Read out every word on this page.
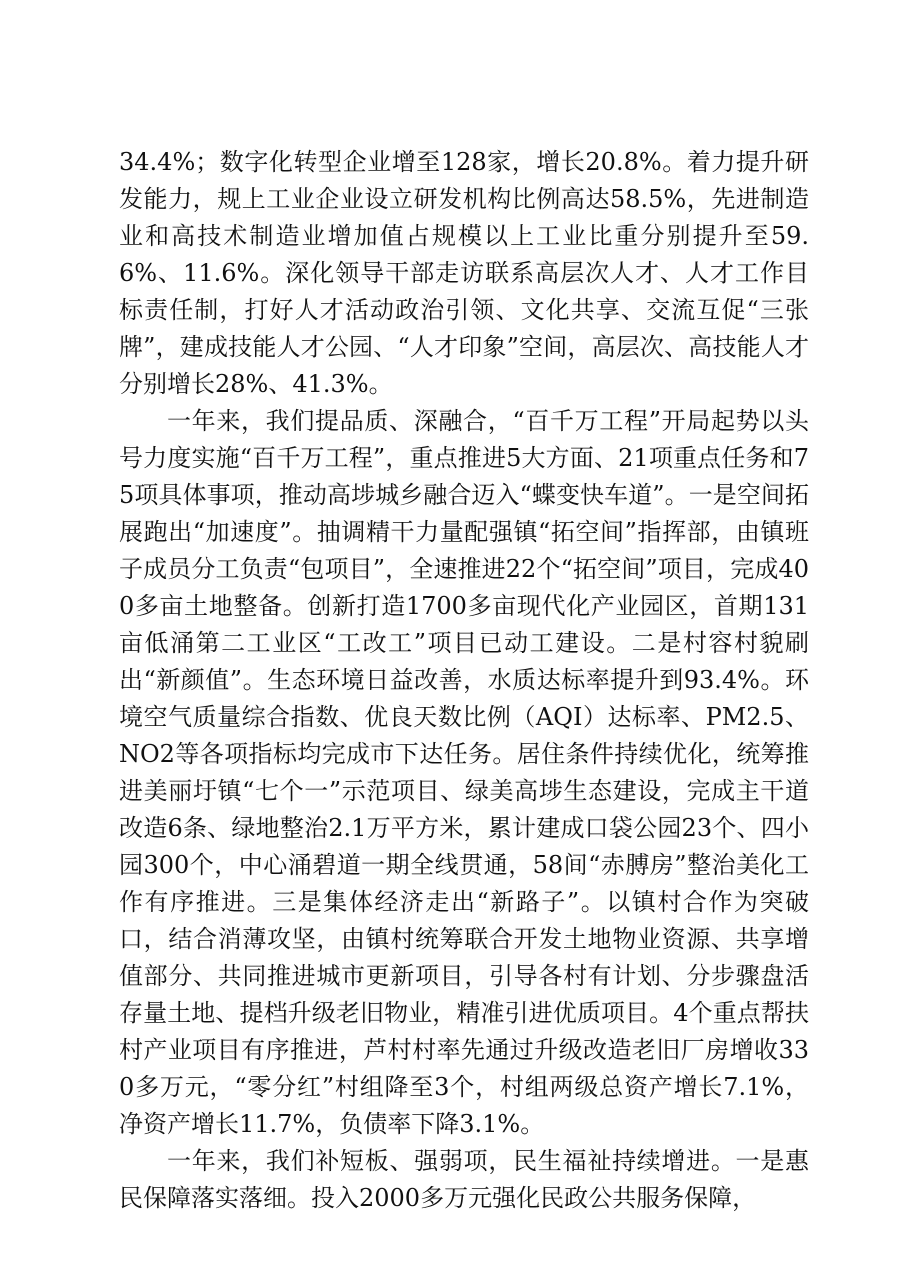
34.4%；数字化转型企业增至128家，增长20.8%。着力提升研发能力，规上工业企业设立研发机构比例高达58.5%，先进制造业和高技术制造业增加值占规模以上工业比重分别提升至59.6%、11.6%。深化领导干部走访联系高层次人才、人才工作目标责任制，打好人才活动政治引领、文化共享、交流互促“三张牌”，建成技能人才公园、“人才印象”空间，高层次、高技能人才分别增长28%、41.3%。

一年来，我们提品质、深融合，“百千万工程”开局起势以头号力度实施“百千万工程”，重点推进5大方面、21项重点任务和75项具体事项，推动高埗城乡融合迈入“蝶变快车道”。一是空间拓展跑出“加速度”。抽调精干力量配强镇“拓空间”指挥部，由镇班子成员分工负责“包项目”，全速推进22个“拓空间”项目，完成400多亩土地整备。创新打造1700多亩现代化产业园区，首期131亩低涌第二工业区“工改工”项目已动工建设。二是村容村貌刷出“新颜值”。生态环境日益改善，水质达标率提升到93.4%。环境空气质量综合指数、优良天数比例（AQI）达标率、PM2.5、NO2等各项指标均完成市下达任务。居住条件持续优化，统筹推进美丽圩镇“七个一”示范项目、绿美高埗生态建设，完成主干道改造6条、绿地整治2.1万平方米，累计建成口袋公园23个、四小园300个，中心涌碧道一期全线贯通，58间“赤膊房”整治美化工作有序推进。三是集体经济走出“新路子”。以镇村合作为突破口，结合消薄攻坚，由镇村统筹联合开发土地物业资源、共享增值部分、共同推进城市更新项目，引导各村有计划、分步骤盘活存量土地、提档升级老旧物业，精准引进优质项目。4个重点帮扶村产业项目有序推进，芦村村率先通过升级改造老旧厂房增收330多万元，“零分红”村组降至3个，村组两级总资产增长7.1%，净资产增长11.7%，负债率下降3.1%。

一年来，我们补短板、强弱项，民生福祉持续增进。一是惠民保障落实落细。投入2000多万元强化民政公共服务保障，
